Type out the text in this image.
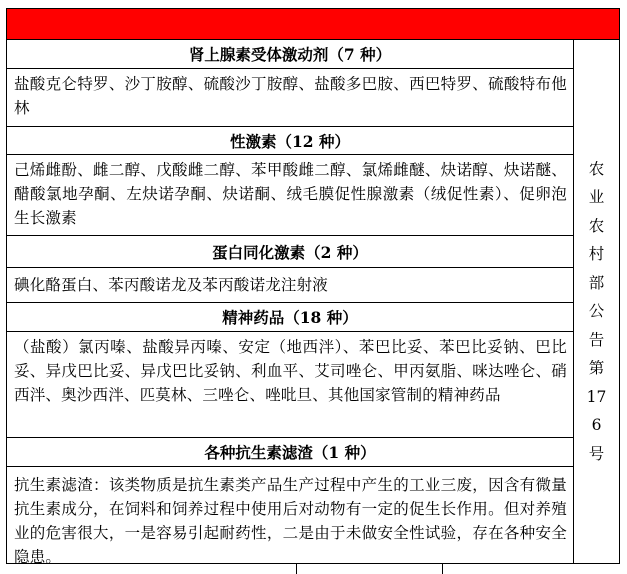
肾上腺素受体激动剂（7 种）
盐酸克仑特罗、沙丁胺醇、硫酸沙丁胺醇、盐酸多巴胺、西巴特罗、硫酸特布他林
性激素（12 种）
己烯雌酚、雌二醇、戊酸雌二醇、苯甲酸雌二醇、氯烯雌醚、炔诺醇、炔诺醚、醋酸氯地孕酮、左炔诺孕酮、炔诺酮、绒毛膜促性腺激素（绒促性素）、促卵泡生长激素
蛋白同化激素（2 种）
碘化酪蛋白、苯丙酸诺龙及苯丙酸诺龙注射液
精神药品（18 种）
（盐酸）氯丙嗪、盐酸异丙嗪、安定（地西泮）、苯巴比妥、苯巴比妥钠、巴比妥、异戊巴比妥、异戊巴比妥钠、利血平、艾司唑仑、甲丙氨脂、咪达唑仑、硝西泮、奥沙西泮、匹莫林、三唑仑、唑吡旦、其他国家管制的精神药品
各种抗生素滤渣（1 种）
抗生素滤渣：该类物质是抗生素类产品生产过程中产生的工业三废，因含有微量抗生素成分，在饲料和饲养过程中使用后对动物有一定的促生长作用。但对养殖业的危害很大，一是容易引起耐药性，二是由于未做安全性试验，存在各种安全隐患。
农业农村部公告第176号
